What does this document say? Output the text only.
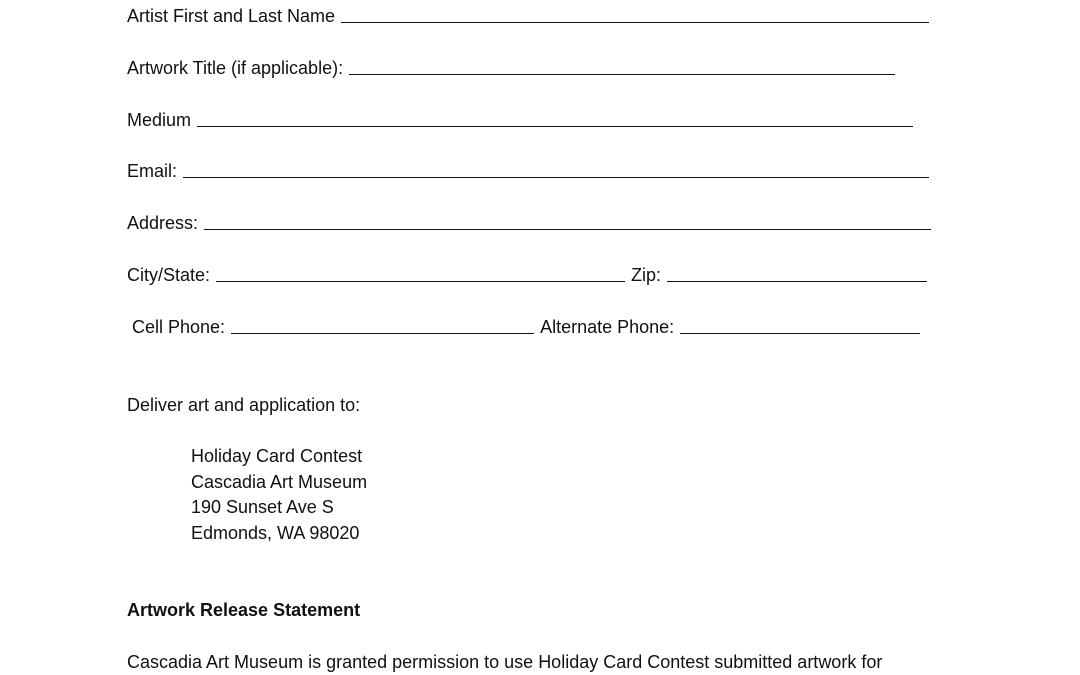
Artist First and Last Name
Artwork Title (if applicable):
Medium
Email:
Address:
City/State:	Zip:
Cell Phone:	Alternate Phone:
Deliver art and application to:
Holiday Card Contest
Cascadia Art Museum
190 Sunset Ave S
Edmonds, WA 98020
Artwork Release Statement
Cascadia Art Museum is granted permission to use Holiday Card Contest submitted artwork for
